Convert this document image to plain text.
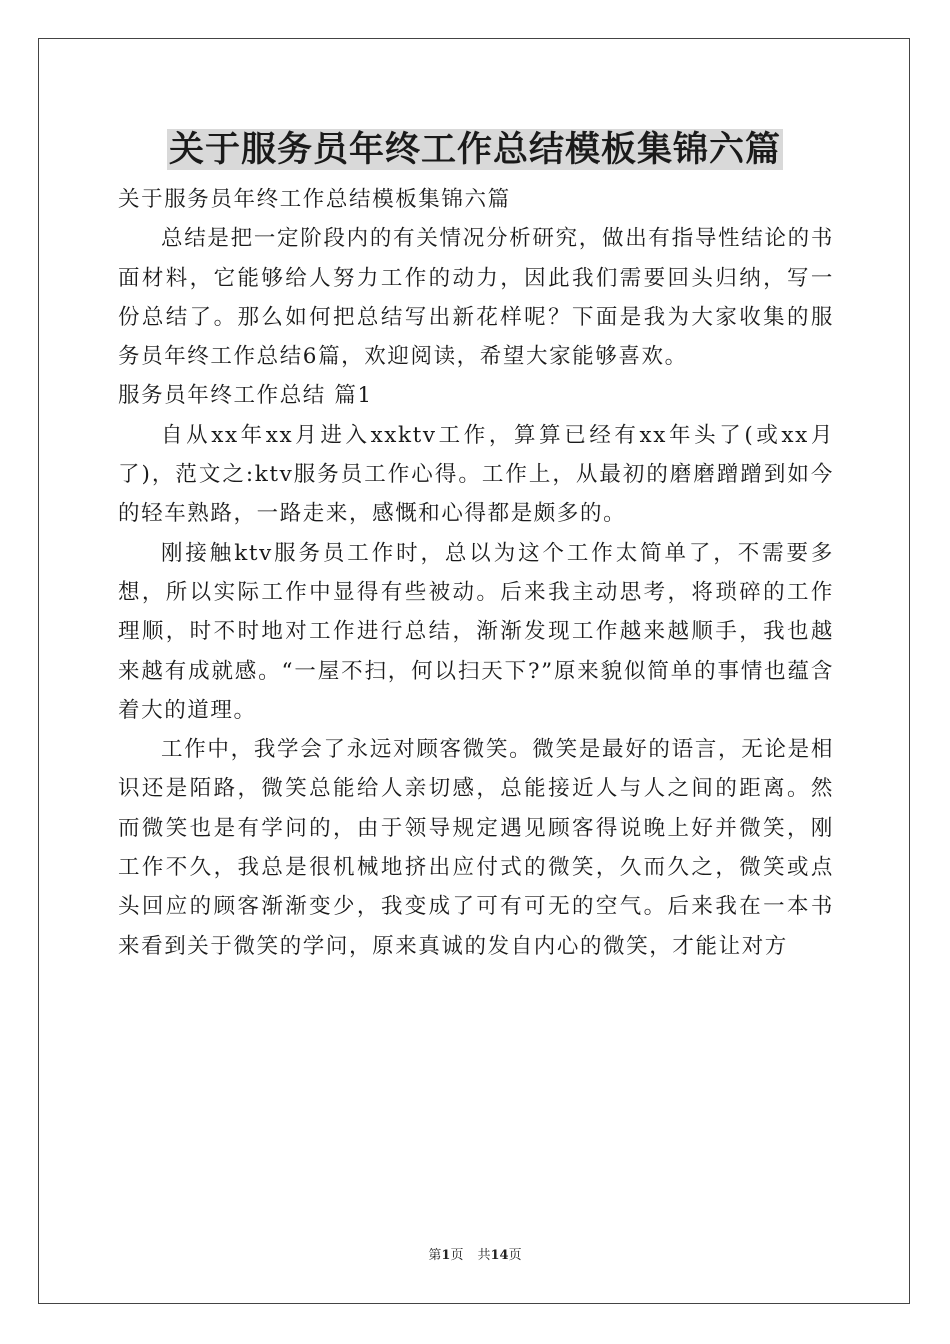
关于服务员年终工作总结模板集锦六篇

关于服务员年终工作总结模板集锦六篇

总结是把一定阶段内的有关情况分析研究，做出有指导性结论的书面材料，它能够给人努力工作的动力，因此我们需要回头归纳，写一份总结了。那么如何把总结写出新花样呢？下面是我为大家收集的服务员年终工作总结6篇，欢迎阅读，希望大家能够喜欢。

服务员年终工作总结 篇1

自从xx年xx月进入xxktv工作，算算已经有xx年头了(或xx月了)，范文之:ktv服务员工作心得。工作上，从最初的磨磨蹭蹭到如今的轻车熟路，一路走来，感慨和心得都是颇多的。

刚接触ktv服务员工作时，总以为这个工作太简单了，不需要多想，所以实际工作中显得有些被动。后来我主动思考，将琐碎的工作理顺，时不时地对工作进行总结，渐渐发现工作越来越顺手，我也越来越有成就感。“一屋不扫，何以扫天下?”原来貌似简单的事情也蕴含着大的道理。

工作中，我学会了永远对顾客微笑。微笑是最好的语言，无论是相识还是陌路，微笑总能给人亲切感，总能接近人与人之间的距离。然而微笑也是有学问的，由于领导规定遇见顾客得说晚上好并微笑，刚工作不久，我总是很机械地挤出应付式的微笑，久而久之，微笑或点头回应的顾客渐渐变少，我变成了可有可无的空气。后来我在一本书来看到关于微笑的学问，原来真诚的发自内心的微笑，才能让对方

第1页 共14页
